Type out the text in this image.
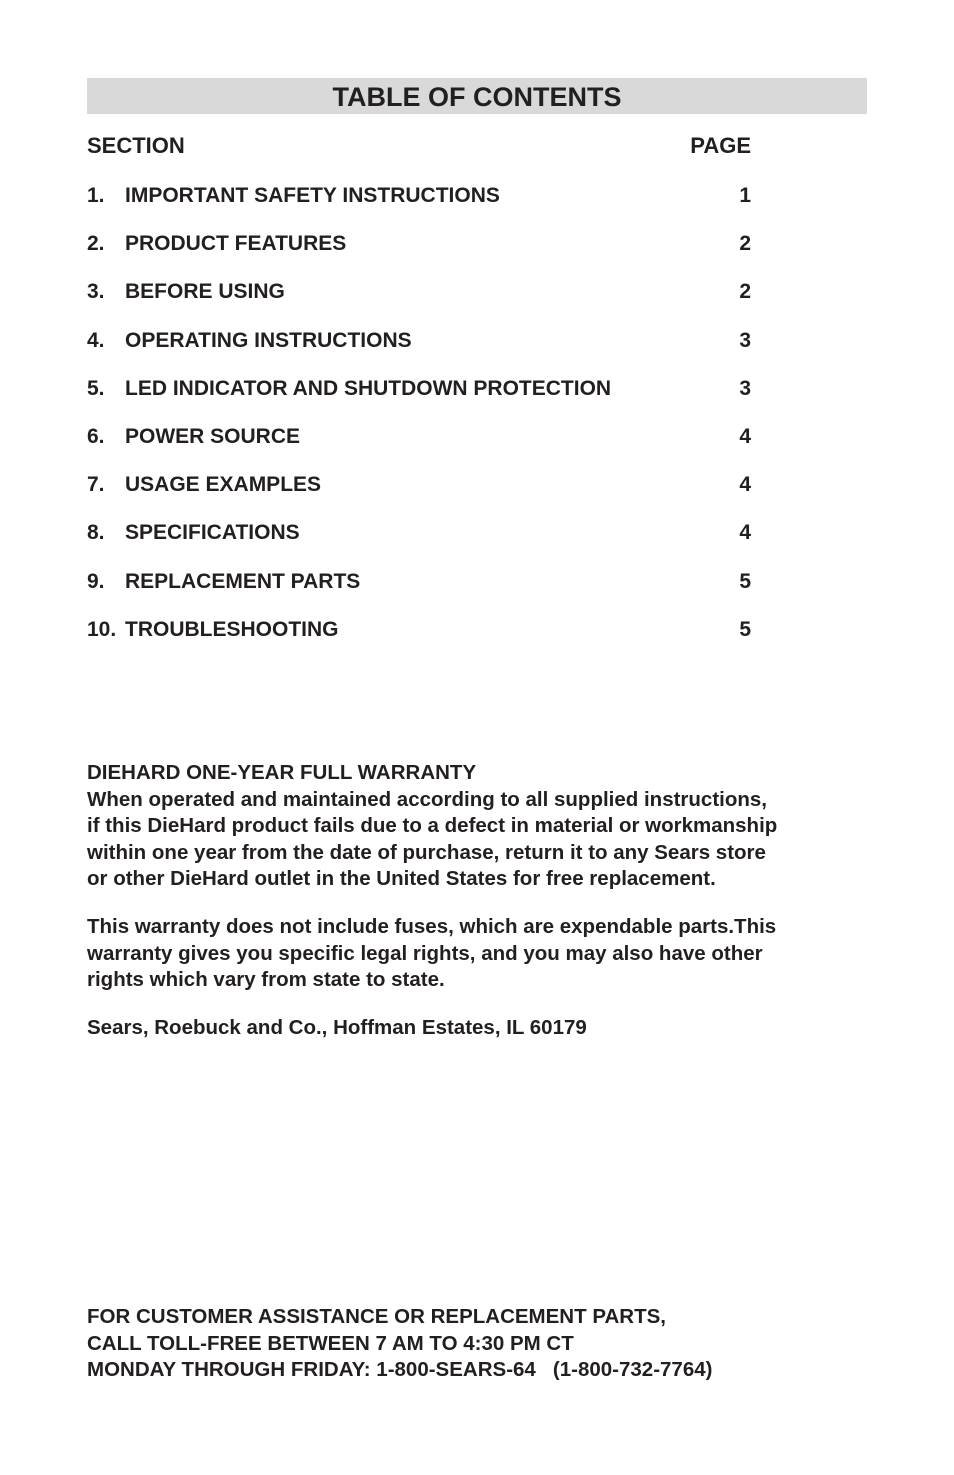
TABLE OF CONTENTS
SECTION	PAGE
1. IMPORTANT SAFETY INSTRUCTIONS	1
2. PRODUCT FEATURES	2
3. BEFORE USING	2
4. OPERATING INSTRUCTIONS	3
5. LED INDICATOR AND SHUTDOWN PROTECTION	3
6. POWER SOURCE	4
7. USAGE EXAMPLES	4
8. SPECIFICATIONS	4
9. REPLACEMENT PARTS	5
10. TROUBLESHOOTING	5
DIEHARD ONE-YEAR FULL WARRANTY

When operated and maintained according to all supplied instructions,
if this DieHard product fails due to a defect in material or workmanship
within one year from the date of purchase, return it to any Sears store
or other DieHard outlet in the United States for free replacement.

This warranty does not include fuses, which are expendable parts.This
warranty gives you specific legal rights, and you may also have other
rights which vary from state to state.

Sears, Roebuck and Co., Hoffman Estates, IL 60179

FOR CUSTOMER ASSISTANCE OR REPLACEMENT PARTS,
CALL TOLL-FREE BETWEEN 7 AM TO 4:30 PM CT
MONDAY THROUGH FRIDAY: 1-800-SEARS-64   (1-800-732-7764)
